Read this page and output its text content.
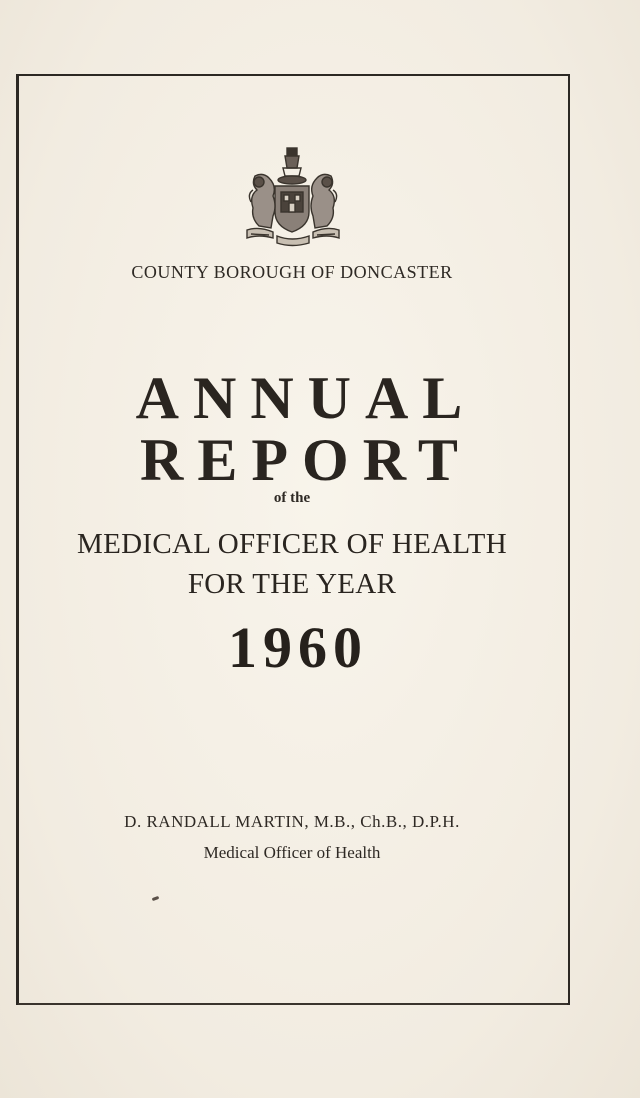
COUNTY BOROUGH OF DONCASTER
ANNUAL
REPORT
of the
MEDICAL OFFICER OF HEALTH
FOR THE YEAR
1960
D. RANDALL MARTIN, M.B., Ch.B., D.P.H.
Medical Officer of Health
